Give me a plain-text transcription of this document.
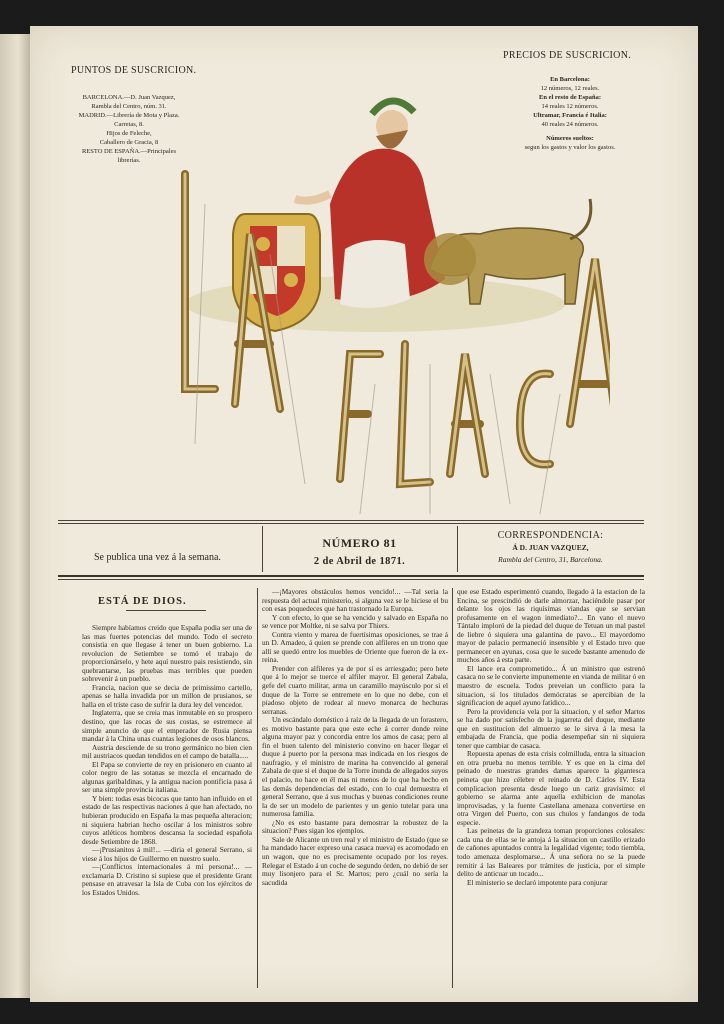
PUNTOS DE SUSCRICION.
BARCELONA.—D. Juan Vazquez,
Rambla del Centro, núm. 31.
MADRID.—Librería de Mota y Plaza.
Carretas, 8.
Hijos de Feleche,
Caballero de Gracia, 8
RESTO DE ESPAÑA.—Principales
librerías.
PRECIOS DE SUSCRICION.
En Barcelona:
12 números, 12 reales.
En el resto de España:
14 reales 12 números.
Ultramar, Francia é Italia:
40 reales 24 números.
Números sueltos:
segun los gastos y valor los gastos.
Se publica una vez á la semana.
NÚMERO 81
2 de Abril de 1871.
CORRESPONDENCIA:
Á D. JUAN VAZQUEZ,
Rambla del Centro, 31, Barcelona.
ESTÁ DE DIOS.

Siempre habíamos creido que España podia ser una de las mas fuertes potencias del mundo. Todo el secreto consistia en que llegase á tener un buen gobierno. La revolucion de Setiembre se tomó el trabajo de proporcionárselo, y hete aquí nuestro pais resistiendo, sin quebrantarse, las pruebas mas terribles que pueden sobrevenir á un pueblo.

Francia, nacion que se decia de primissimo cartello, apenas se halla invadida por un millon de prusianos, se halla en el triste caso de sufrir la dura ley del vencedor.

Inglaterra, que se creia mas inmutable en su prospero destino, que las rocas de sus costas, se estremece al simple anuncio de que el emperador de Rusia piensa mandar á la China unas cuantas legiones de osos blancos.

Austria desciende de su trono germánico no bien cien mil austriacos quedan tendidos en el campo de batalla.....

El Papa se convierte de rey en prisionero en cuanto al color negro de las sotanas se mezcla el encarnado de algunas garibaldinas, y la antigua nacion pontificia pasa á ser una simple provincia italiana.

Y bien: todas esas bicocas que tanto han influido en el estado de las respectivas naciones á que han afectado, no hubieran producido en España la mas pequeña alteracion; ni siquiera habrian hecho oscilar á los ministros sobre cuyos atléticos hombros descansa la sociedad española desde Setiembre de 1868.

—¡Prusianitos á mil!... —diria el general Serrano, si viese á los hijos de Guillermo en nuestro suelo.

—¡Conflictos internacionales á mí persona!... —exclamaria D. Cristino si supiese que el presidente Grant pensase en atravesar la Isla de Cuba con los ejércitos de los Estados Unidos.

—¡Mayores obstáculos hemos vencido!... —Tal seria la respuesta del actual ministerio, si alguna vez se le hiciese el bu con esas poquedeces que han trastornado la Europa.

Y con efecto, lo que se ha vencido y salvado en España no se vence por Moltke, ni se salva por Thiers.

Contra viento y marea de fuertísimas oposiciones, se trae á un D. Amadeo, á quien se prende con alfileres en un trono que allí se quedó entre los muebles de Oriente que fueron de la ex-reina.

Prender con alfileres ya de por sí es arriesgado; pero hete que á lo mejor se tuerce el alfiler mayor. El general Zabala, gefe del cuarto militar, arma un caramillo mayúsculo por si el duque de la Torre se entremete en lo que no debe, con el piadoso objeto de rodear al nuevo monarca de hechuras serranas.

Un escándalo doméstico á raíz de la llegada de un forastero, es motivo bastante para que este eche á correr donde reine alguna mayor paz y concordia entre los amos de casa; pero al fin el buen talento del ministerio convino en hacer llegar el duque á puerto por la persona mas indicada en los riesgos de naufragio, y el ministro de marina ha convencido al general Zabala de que si el duque de la Torre inunda de allegados suyos el palacio, no hace en él mas ni menos de lo que ha hecho en las demás dependencias del estado, con lo cual demuestra el general Serrano, que á sus muchas y buenas condiciones reune la de ser un modelo de parientes y un genio tutelar para una numerosa familia.

¿No es esto bastante para demostrar la robustez de la situacion? Pues sigan los ejemplos.

Sale de Alicante un tren real y el ministro de Estado (que se ha mandado hacer expreso una casaca nueva) es acomodado en un wagon, que no es precisamente ocupado por los reyes. Relegar el Estado á un coche de segundo órden, no debió de ser muy lisonjero para el Sr. Martos; pero ¿cuál no sería la sacudida

que ese Estado esperimentó cuando, llegado á la estacion de la Encina, se prescindió de darle almorzar, haciéndole pasar por delante los ojos las riquísimas viandas que se servian profusamente en el wagon inmediato?... En vano el nuevo Tántalo imploró de la piedad del duque de Tetuan un mal pastel de liebre ó siquiera una galantina de pavo... El mayordomo mayor de palacio permaneció insensible y el Estado tuvo que permanecer en ayunas, cosa que le sucede bastante amenudo de muchos años á esta parte.

El lance era comprometido... Á un ministro que estrenó casaca no se le convierte impunemente en vianda de militar ó en maestro de escuela. Todos preveian un conflicto para la situacion, si los titulados demócratas se apercibian de la significacion de aquel ayuno fatídico...

Pero la providencia vela por la situacion, y el señor Martos se ha dado por satisfecho de la jugarreta del duque, mediante que en sustitucion del almuerzo se le sirva á la mesa la embajada de Francia, que podia desempeñar sin ni siquiera tener que cambiar de casaca.

Repuesta apenas de esta crisis colmilluda, entra la situacion en otra prueba no menos terrible. Y es que en la cima del peinado de nuestras grandes damas aparece la gigantesca peineta que hizo célebre el reinado de D. Cárlos IV. Esta complicacion presenta desde luego un cariz gravísimo: el gobierno se alarma ante aquella exhibicion de manolas improvisadas, y la fuente Castellana amenaza convertirse en otra Virgen del Puerto, con sus chulos y fandangos de toda especie.

Las peinetas de la grandeza toman proporciones colosales: cada una de ellas se le antoja á la situacion un castillo erizado de cañones apuntados contra la legalidad vigente; todo tiembla, todo amenaza desplomarse... Á una señora no se la puede remitir á las Baleares por trámites de justicia, por el simple delito de anticuar un tocado...

El ministerio se declaró impotente para conjurar
